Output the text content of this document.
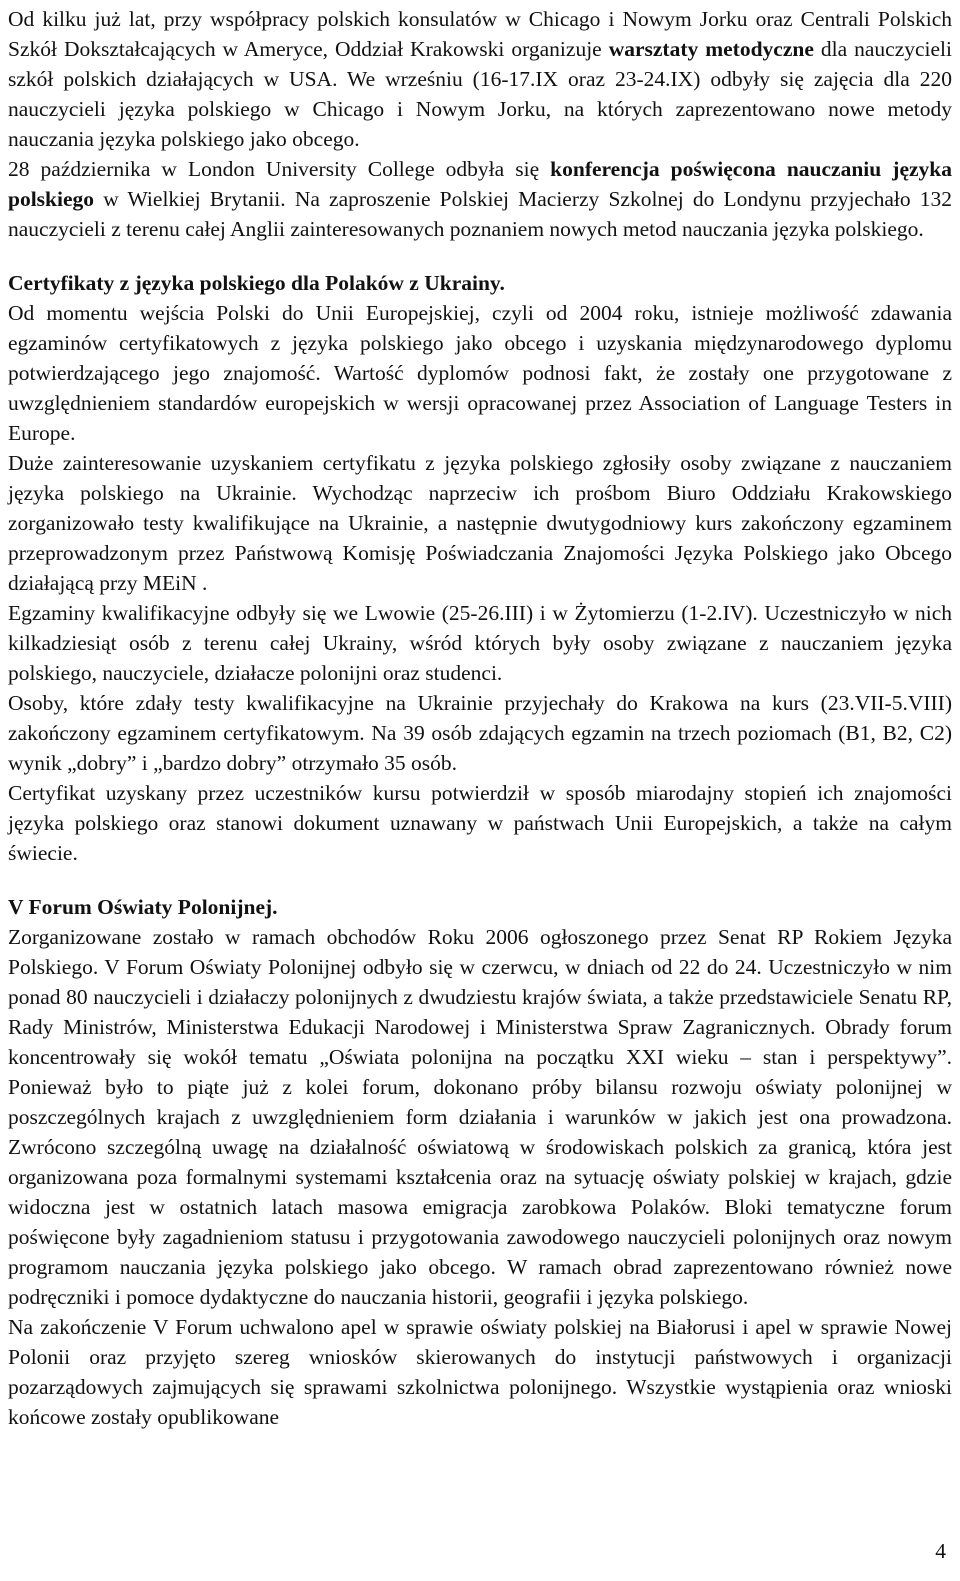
Od kilku już lat, przy współpracy polskich konsulatów w Chicago i Nowym Jorku oraz Centrali Polskich Szkół Dokształcających w Ameryce, Oddział Krakowski organizuje warsztaty metodyczne dla nauczycieli szkół polskich działających w USA. We wrześniu (16-17.IX oraz 23-24.IX) odbyły się zajęcia dla 220 nauczycieli języka polskiego w Chicago i Nowym Jorku, na których zaprezentowano nowe metody nauczania języka polskiego jako obcego.

28 października w London University College odbyła się konferencja poświęcona nauczaniu języka polskiego w Wielkiej Brytanii. Na zaproszenie Polskiej Macierzy Szkolnej do Londynu przyjechało 132 nauczycieli z terenu całej Anglii zainteresowanych poznaniem nowych metod nauczania języka polskiego.

Certyfikaty z języka polskiego dla Polaków z Ukrainy.

Od momentu wejścia Polski do Unii Europejskiej, czyli od 2004 roku, istnieje możliwość zdawania egzaminów certyfikatowych z języka polskiego jako obcego i uzyskania międzynarodowego dyplomu potwierdzającego jego znajomość. Wartość dyplomów podnosi fakt, że zostały one przygotowane z uwzględnieniem standardów europejskich w wersji opracowanej przez Association of Language Testers in Europe.

Duże zainteresowanie uzyskaniem certyfikatu z języka polskiego zgłosiły osoby związane z nauczaniem języka polskiego na Ukrainie. Wychodząc naprzeciw ich prośbom Biuro Oddziału Krakowskiego zorganizowało testy kwalifikujące na Ukrainie, a następnie dwutygodniowy kurs zakończony egzaminem przeprowadzonym przez Państwową Komisję Poświadczania Znajomości Języka Polskiego jako Obcego działającą przy MEiN .

Egzaminy kwalifikacyjne odbyły się we Lwowie (25-26.III) i w Żytomierzu (1-2.IV). Uczestniczyło w nich kilkadziesiąt osób z terenu całej Ukrainy, wśród których były osoby związane z nauczaniem języka polskiego, nauczyciele, działacze polonijni oraz studenci.

Osoby, które zdały testy kwalifikacyjne na Ukrainie przyjechały do Krakowa na kurs (23.VII-5.VIII) zakończony egzaminem certyfikatowym. Na 39 osób zdających egzamin na trzech poziomach (B1, B2, C2) wynik „dobry” i „bardzo dobry” otrzymało 35 osób.

Certyfikat uzyskany przez uczestników kursu potwierdził w sposób miarodajny stopień ich znajomości języka polskiego oraz stanowi dokument uznawany w państwach Unii Europejskich, a także na całym świecie.

V Forum Oświaty Polonijnej.

Zorganizowane zostało w ramach obchodów Roku 2006 ogłoszonego przez Senat RP Rokiem Języka Polskiego. V Forum Oświaty Polonijnej odbyło się w czerwcu, w dniach od 22 do 24. Uczestniczyło w nim ponad 80 nauczycieli i działaczy polonijnych z dwudziestu krajów świata, a także przedstawiciele Senatu RP, Rady Ministrów, Ministerstwa Edukacji Narodowej i Ministerstwa Spraw Zagranicznych. Obrady forum koncentrowały się wokół tematu „Oświata polonijna na początku XXI wieku – stan i perspektywy”. Ponieważ było to piąte już z kolei forum, dokonano próby bilansu rozwoju oświaty polonijnej w poszczególnych krajach z uwzględnieniem form działania i warunków w jakich jest ona prowadzona. Zwrócono szczególną uwagę na działalność oświatową w środowiskach polskich za granicą, która jest organizowana poza formalnymi systemami kształcenia oraz na sytuację oświaty polskiej w krajach, gdzie widoczna jest w ostatnich latach masowa emigracja zarobkowa Polaków. Bloki tematyczne forum poświęcone były zagadnieniom statusu i przygotowania zawodowego nauczycieli polonijnych oraz nowym programom nauczania języka polskiego jako obcego. W ramach obrad zaprezentowano również nowe podręczniki i pomoce dydaktyczne do nauczania historii, geografii i języka polskiego.

Na zakończenie V Forum uchwalono apel w sprawie oświaty polskiej na Białorusi i apel w sprawie Nowej Polonii oraz przyjęto szereg wniosków skierowanych do instytucji państwowych i organizacji pozarządowych zajmujących się sprawami szkolnictwa polonijnego. Wszystkie wystąpienia oraz wnioski końcowe zostały opublikowane

4
